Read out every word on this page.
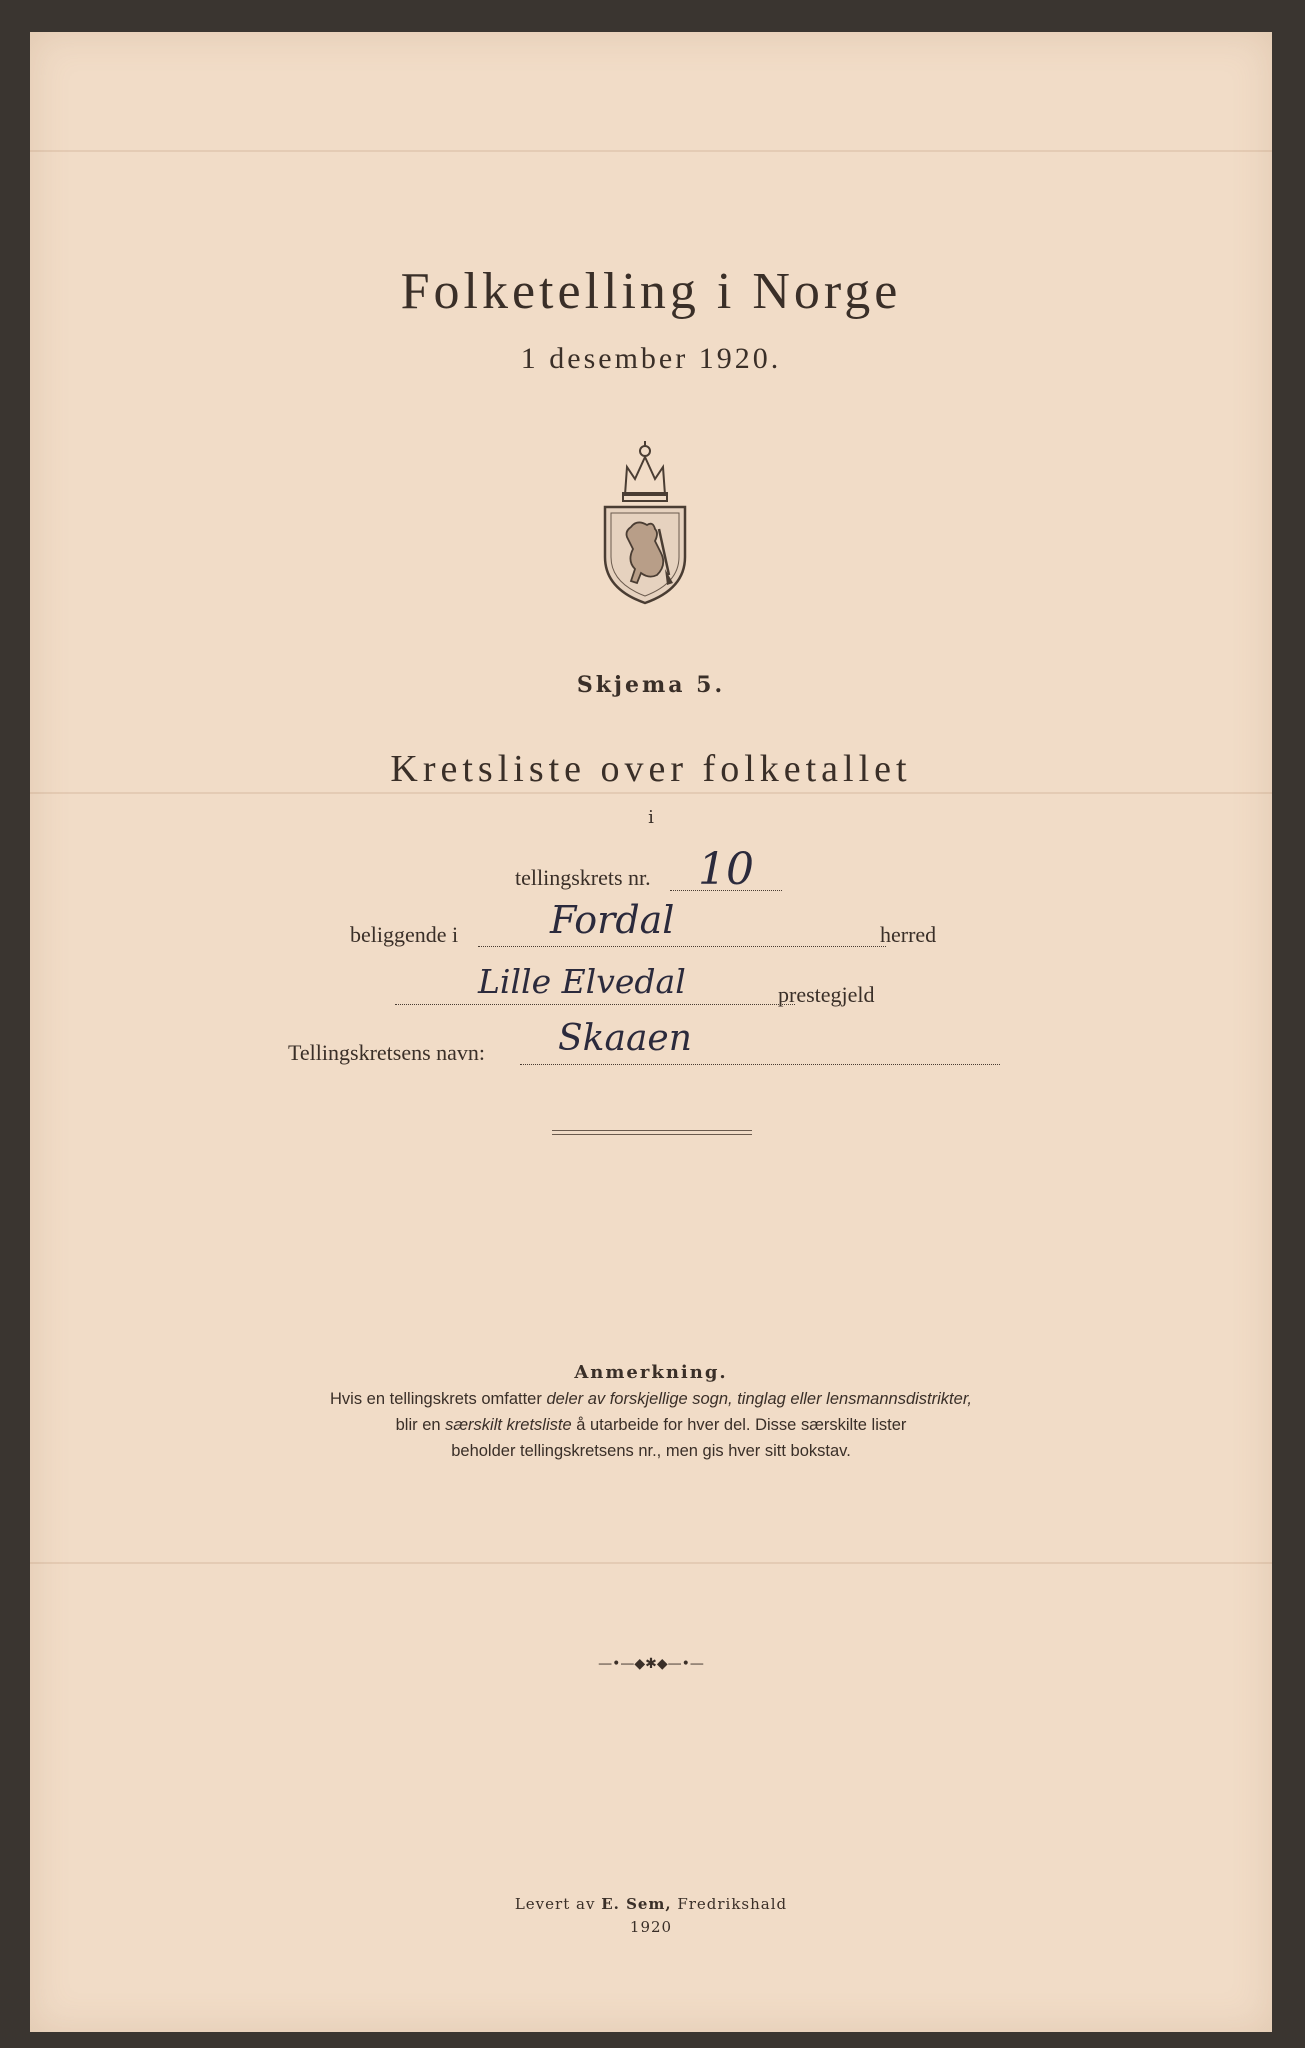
Folketelling i Norge
1 desember 1920.
Skjema 5.
Kretsliste over folketallet
i
tellingskrets nr. 10
beliggende i Fordal	herred
Lille Elvedal	prestegjeld
Tellingskretsens navn: Skaaen
Anmerkning.
Hvis en tellingskrets omfatter deler av forskjellige sogn, tinglag eller lensmannsdistrikter,
blir en særskilt kretsliste å utarbeide for hver del. Disse særskilte lister
beholder tellingskretsens nr., men gis hver sitt bokstav.
—•—◆✱◆—•—
Levert av E. Sem, Fredrikshald
1920
